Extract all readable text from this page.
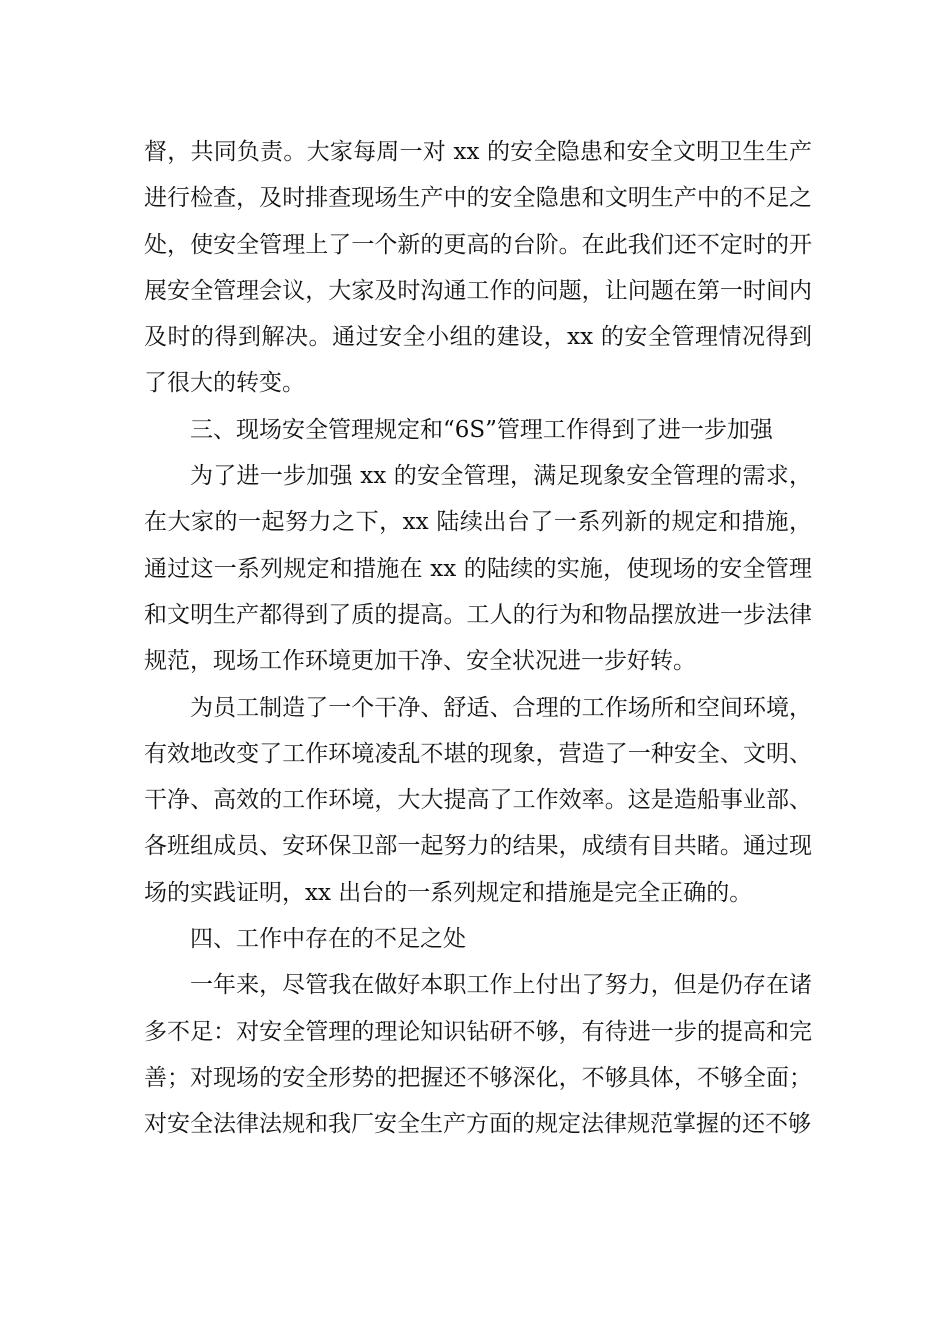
督，共同负责。大家每周一对 xx 的安全隐患和安全文明卫生生产进行检查，及时排查现场生产中的安全隐患和文明生产中的不足之处，使安全管理上了一个新的更高的台阶。在此我们还不定时的开展安全管理会议，大家及时沟通工作的问题，让问题在第一时间内及时的得到解决。通过安全小组的建设，xx 的安全管理情况得到了很大的转变。

三、现场安全管理规定和“6S”管理工作得到了进一步加强

为了进一步加强 xx 的安全管理，满足现象安全管理的需求，在大家的一起努力之下，xx 陆续出台了一系列新的规定和措施，通过这一系列规定和措施在 xx 的陆续的实施，使现场的安全管理和文明生产都得到了质的提高。工人的行为和物品摆放进一步法律规范，现场工作环境更加干净、安全状况进一步好转。

为员工制造了一个干净、舒适、合理的工作场所和空间环境，有效地改变了工作环境凌乱不堪的现象，营造了一种安全、文明、干净、高效的工作环境，大大提高了工作效率。这是造船事业部、各班组成员、安环保卫部一起努力的结果，成绩有目共睹。通过现场的实践证明，xx 出台的一系列规定和措施是完全正确的。

四、工作中存在的不足之处

一年来，尽管我在做好本职工作上付出了努力，但是仍存在诸多不足：对安全管理的理论知识钻研不够，有待进一步的提高和完善；对现场的安全形势的把握还不够深化，不够具体，不够全面；对安全法律法规和我厂安全生产方面的规定法律规范掌握的还不够
